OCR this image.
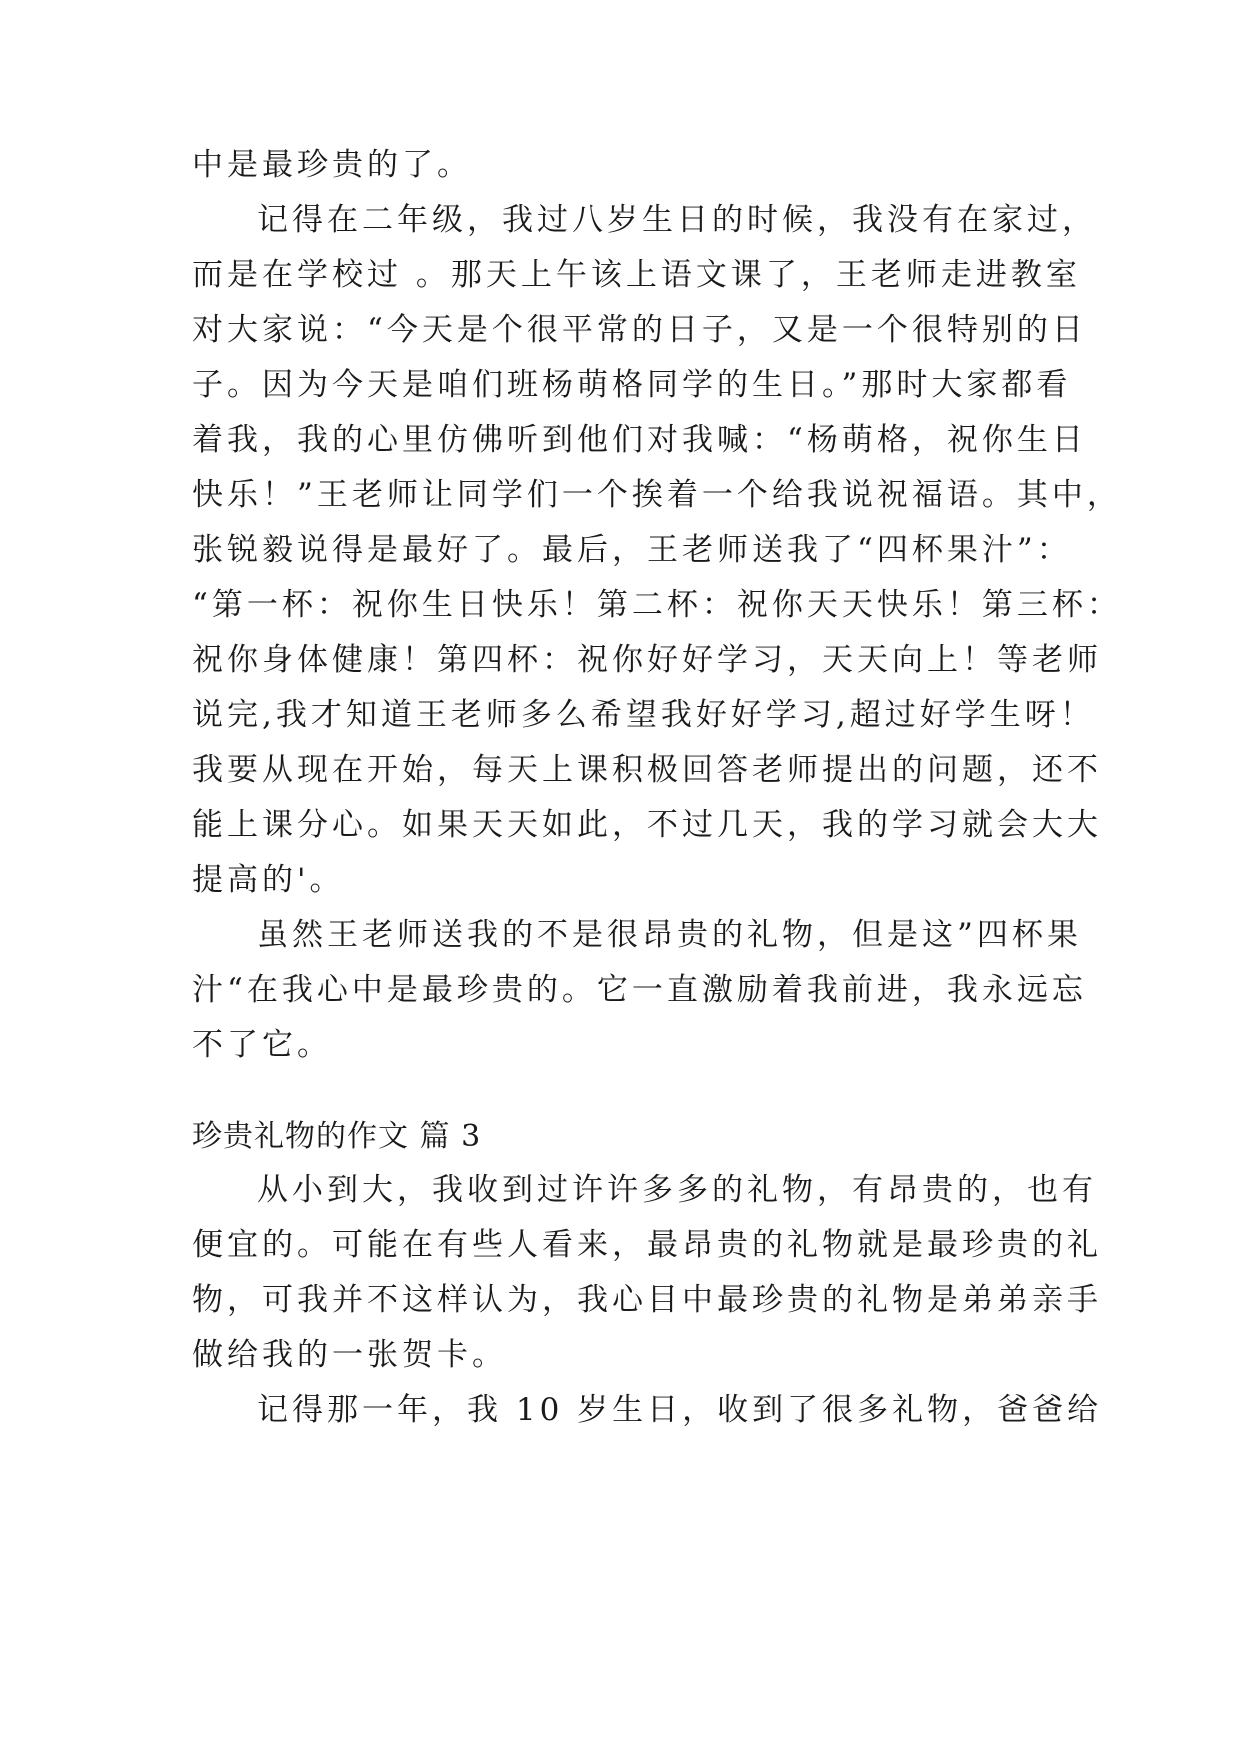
中是最珍贵的了。
记得在二年级，我过八岁生日的时候，我没有在家过，
而是在学校过 。那天上午该上语文课了，王老师走进教室
对大家说：“今天是个很平常的日子，又是一个很特别的日
子。因为今天是咱们班杨萌格同学的生日。”那时大家都看
着我，我的心里仿佛听到他们对我喊：“杨萌格，祝你生日
快乐！”王老师让同学们一个挨着一个给我说祝福语。其中，
张锐毅说得是最好了。最后，王老师送我了“四杯果汁”：
“第一杯：祝你生日快乐！第二杯：祝你天天快乐！第三杯：
祝你身体健康！第四杯：祝你好好学习，天天向上！等老师
说完,我才知道王老师多么希望我好好学习,超过好学生呀！
我要从现在开始，每天上课积极回答老师提出的问题，还不
能上课分心。如果天天如此，不过几天，我的学习就会大大
提高的'。
虽然王老师送我的不是很昂贵的礼物，但是这”四杯果
汁“在我心中是最珍贵的。它一直激励着我前进，我永远忘
不了它。
珍贵礼物的作文 篇 3
从小到大，我收到过许许多多的礼物，有昂贵的，也有
便宜的。可能在有些人看来，最昂贵的礼物就是最珍贵的礼
物，可我并不这样认为，我心目中最珍贵的礼物是弟弟亲手
做给我的一张贺卡。
记得那一年，我 10 岁生日，收到了很多礼物，爸爸给
